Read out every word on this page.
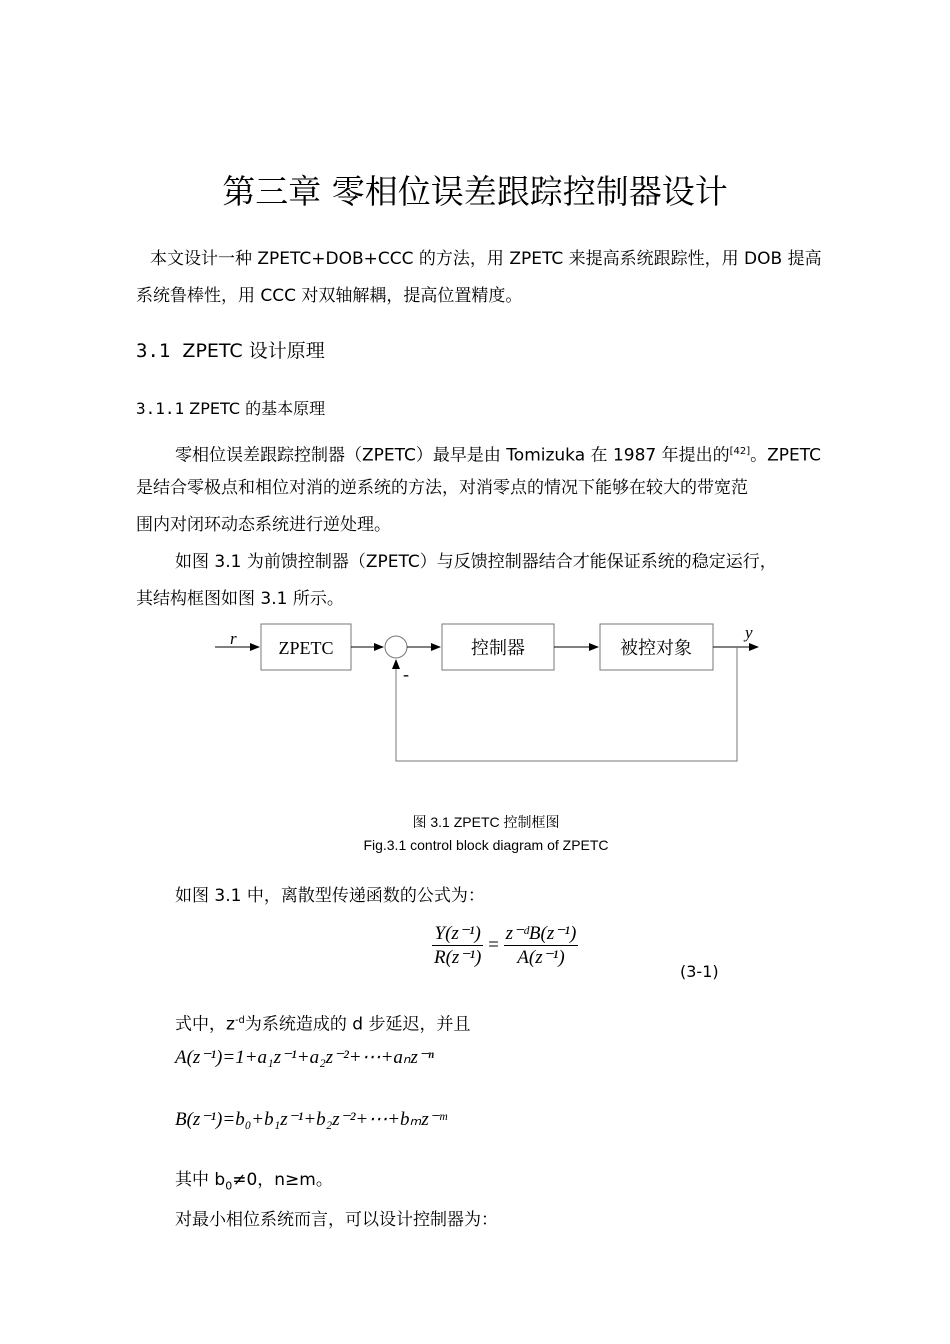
第三章 零相位误差跟踪控制器设计
本文设计一种 ZPETC+DOB+CCC 的方法，用 ZPETC 来提高系统跟踪性，用 DOB 提高
系统鲁棒性，用 CCC 对双轴解耦，提高位置精度。
3.1 ZPETC 设计原理
3.1.1 ZPETC 的基本原理
零相位误差跟踪控制器（ZPETC）最早是由 Tomizuka 在 1987 年提出的[42]。ZPETC
是结合零极点和相位对消的逆系统的方法，对消零点的情况下能够在较大的带宽范
围内对闭环动态系统进行逆处理。
如图 3.1 为前馈控制器（ZPETC）与反馈控制器结合才能保证系统的稳定运行，
其结构框图如图 3.1 所示。
r ZPETC	控制器	被控对象
y
-
图 3.1 ZPETC 控制框图
Fig.3.1 control block diagram of ZPETC
如图 3.1 中，离散型传递函数的公式为：
$\frac{\text{Y(z⁻¹)}}{\text{R(z⁻¹)}} = \frac{\text{z⁻ᵈB(z⁻¹)}}{\text{A(z⁻¹)}}$
(3-1)
式中，$z^{-d}$为系统造成的 d 步延迟，并且
A(z⁻¹)=1+a₁z⁻¹+a₂z⁻²+⋯+aₙz⁻ⁿ
B(z⁻¹)=b₀+b₁z⁻¹+b₂z⁻²+⋯+bₘz⁻ᵐ
其中 $b_0\ne 0$，n≥m。
对最小相位系统而言，可以设计控制器为：
